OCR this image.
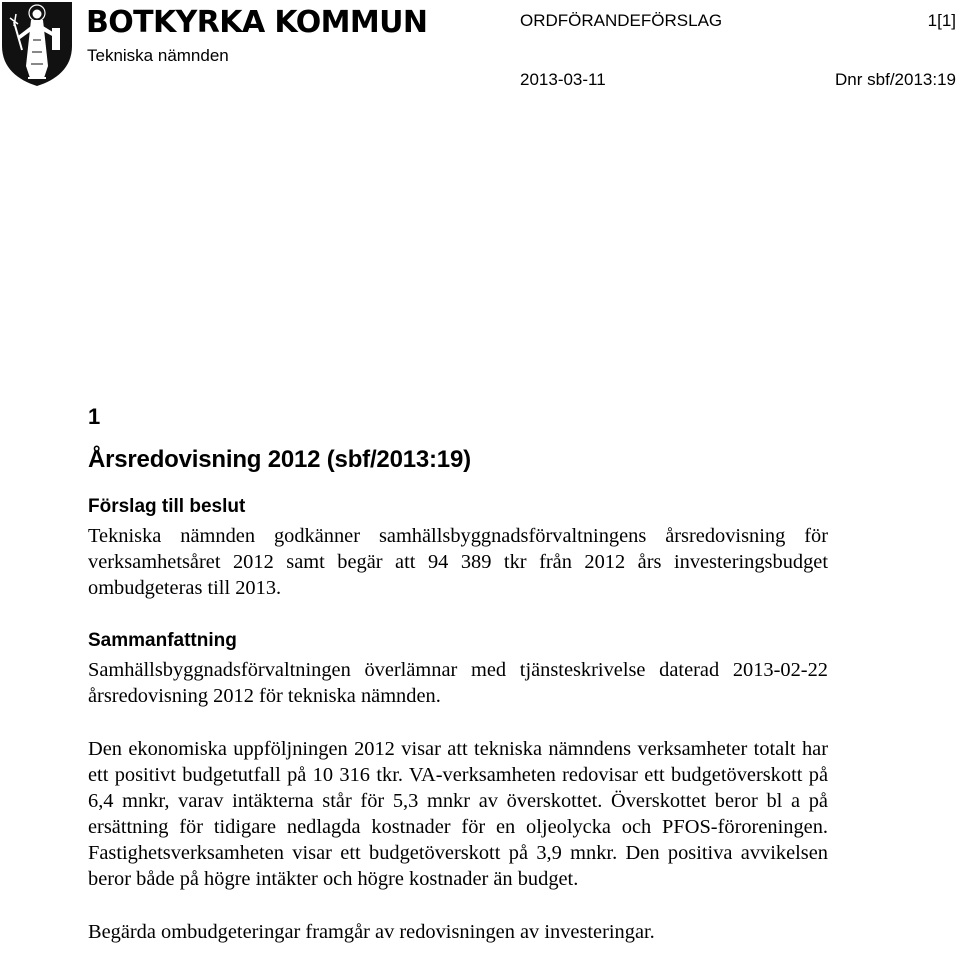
BOTKYRKA KOMMUN
Tekniska nämnden
ORDFÖRANDEFÖRSLAG	1[1]
2013-03-11	Dnr sbf/2013:19

1

Årsredovisning 2012 (sbf/2013:19)

Förslag till beslut

Tekniska nämnden godkänner samhällsbyggnadsförvaltningens årsredovisning för verksamhetsåret 2012 samt begär att 94 389 tkr från 2012 års investeringsbudget ombudgeteras till 2013.

Sammanfattning

Samhällsbyggnadsförvaltningen överlämnar med tjänsteskrivelse daterad 2013-02-22 årsredovisning 2012 för tekniska nämnden.

Den ekonomiska uppföljningen 2012 visar att tekniska nämndens verksamheter totalt har ett positivt budgetutfall på 10 316 tkr. VA-verksamheten redovisar ett budgetöverskott på 6,4 mnkr, varav intäkterna står för 5,3 mnkr av överskottet. Överskottet beror bl a på ersättning för tidigare nedlagda kostnader för en oljeolycka och PFOS-föroreningen. Fastighetsverksamheten visar ett budgetöverskott på 3,9 mnkr. Den positiva avvikelsen beror både på högre intäkter och högre kostnader än budget.

Begärda ombudgeteringar framgår av redovisningen av investeringar.
